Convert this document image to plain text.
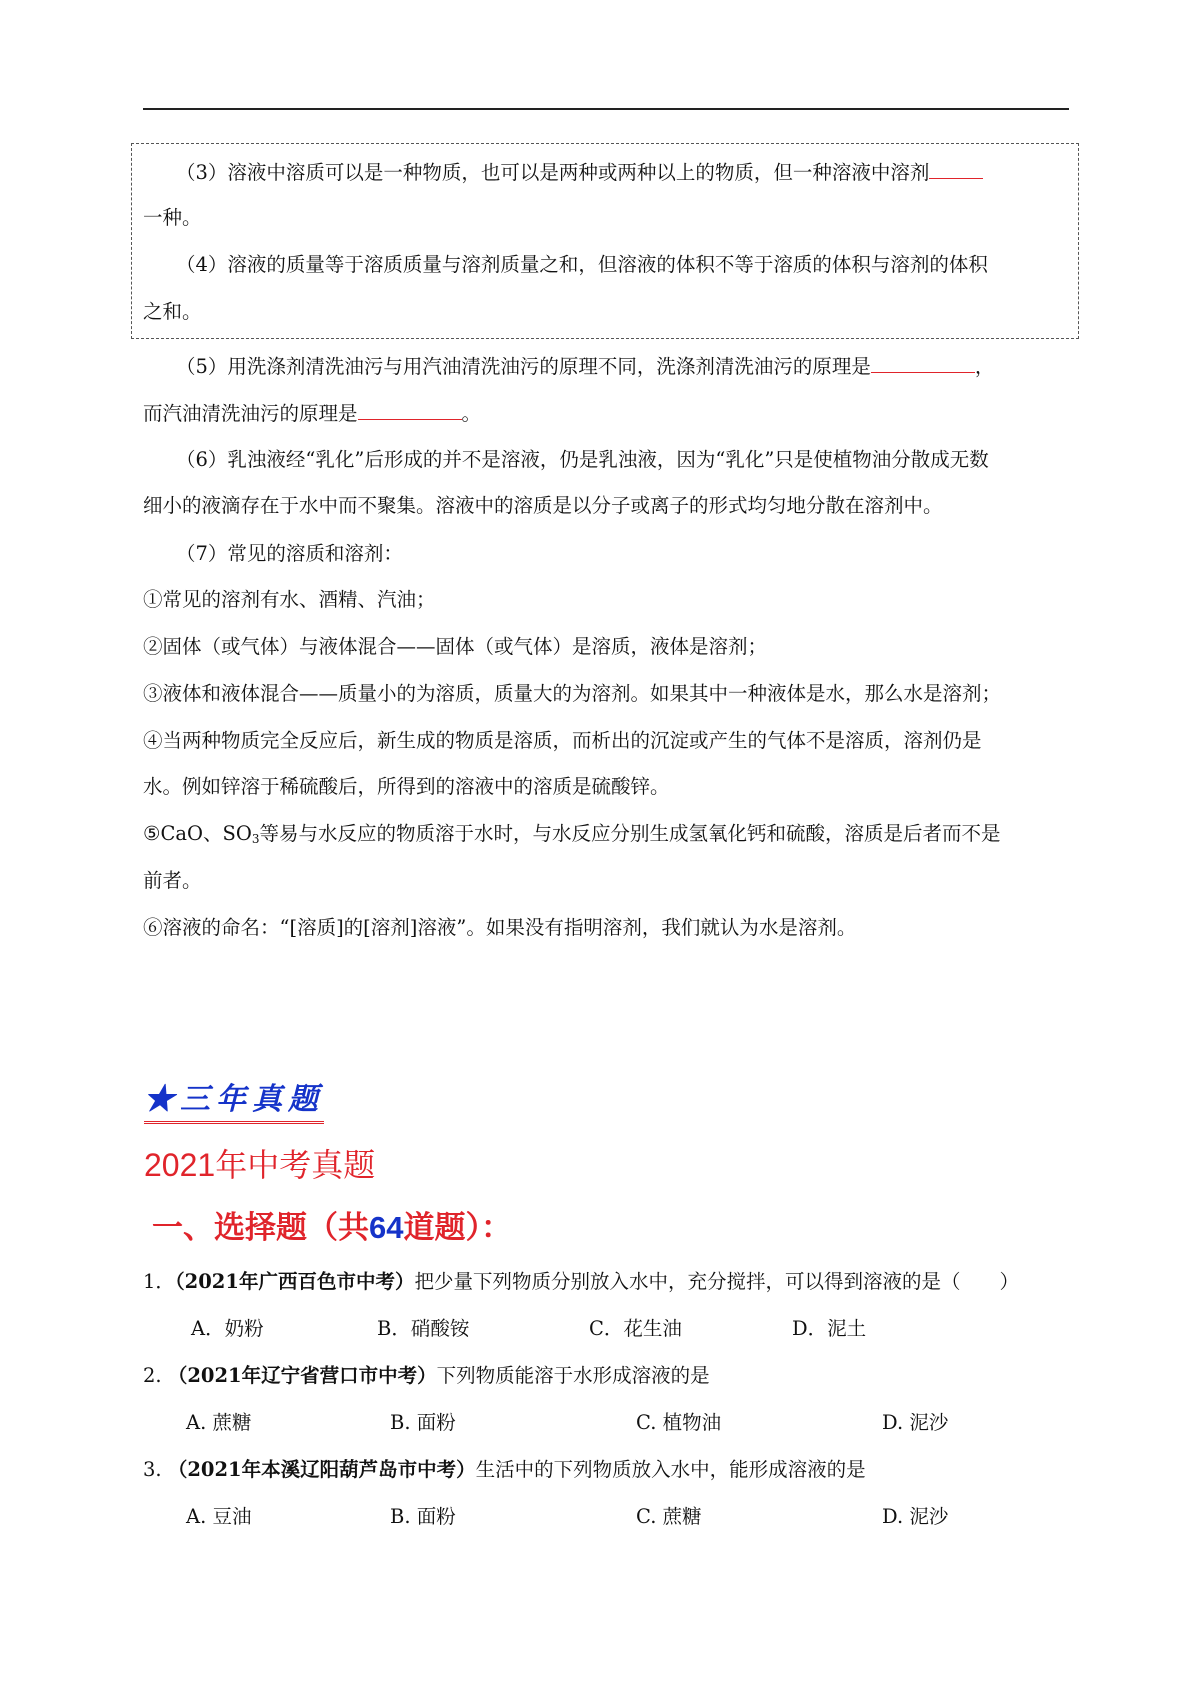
（3）溶液中溶质可以是一种物质，也可以是两种或两种以上的物质，但一种溶液中溶剂
一种。
（4）溶液的质量等于溶质质量与溶剂质量之和，但溶液的体积不等于溶质的体积与溶剂的体积
之和。
（5）用洗涤剂清洗油污与用汽油清洗油污的原理不同，洗涤剂清洗油污的原理是	，
而汽油清洗油污的原理是	。
（6）乳浊液经“乳化”后形成的并不是溶液，仍是乳浊液，因为“乳化”只是使植物油分散成无数
细小的液滴存在于水中而不聚集。溶液中的溶质是以分子或离子的形式均匀地分散在溶剂中。
（7）常见的溶质和溶剂：
①常见的溶剂有水、酒精、汽油；
②固体（或气体）与液体混合——固体（或气体）是溶质，液体是溶剂；
③液体和液体混合——质量小的为溶质，质量大的为溶剂。如果其中一种液体是水，那么水是溶剂；
④当两种物质完全反应后，新生成的物质是溶质，而析出的沉淀或产生的气体不是溶质，溶剂仍是
水。例如锌溶于稀硫酸后，所得到的溶液中的溶质是硫酸锌。
⑤CaO、$SO_3$等易与水反应的物质溶于水时，与水反应分别生成氢氧化钙和硫酸，溶质是后者而不是
前者。
⑥溶液的命名：“[溶质]的[溶剂]溶液”。如果没有指明溶剂，我们就认为水是溶剂。
★三年真题
2021年中考真题
一、选择题（共64道题）：
1．（2021年广西百色市中考）把少量下列物质分别放入水中，充分搅拌，可以得到溶液的是（　　）
A．奶粉	B．硝酸铵	C．花生油	D．泥土
2. （2021年辽宁省营口市中考）下列物质能溶于水形成溶液的是
A. 蔗糖	B. 面粉	C. 植物油	D. 泥沙
3. （2021年本溪辽阳葫芦岛市中考）生活中的下列物质放入水中，能形成溶液的是
A. 豆油	B. 面粉	C. 蔗糖	D. 泥沙
